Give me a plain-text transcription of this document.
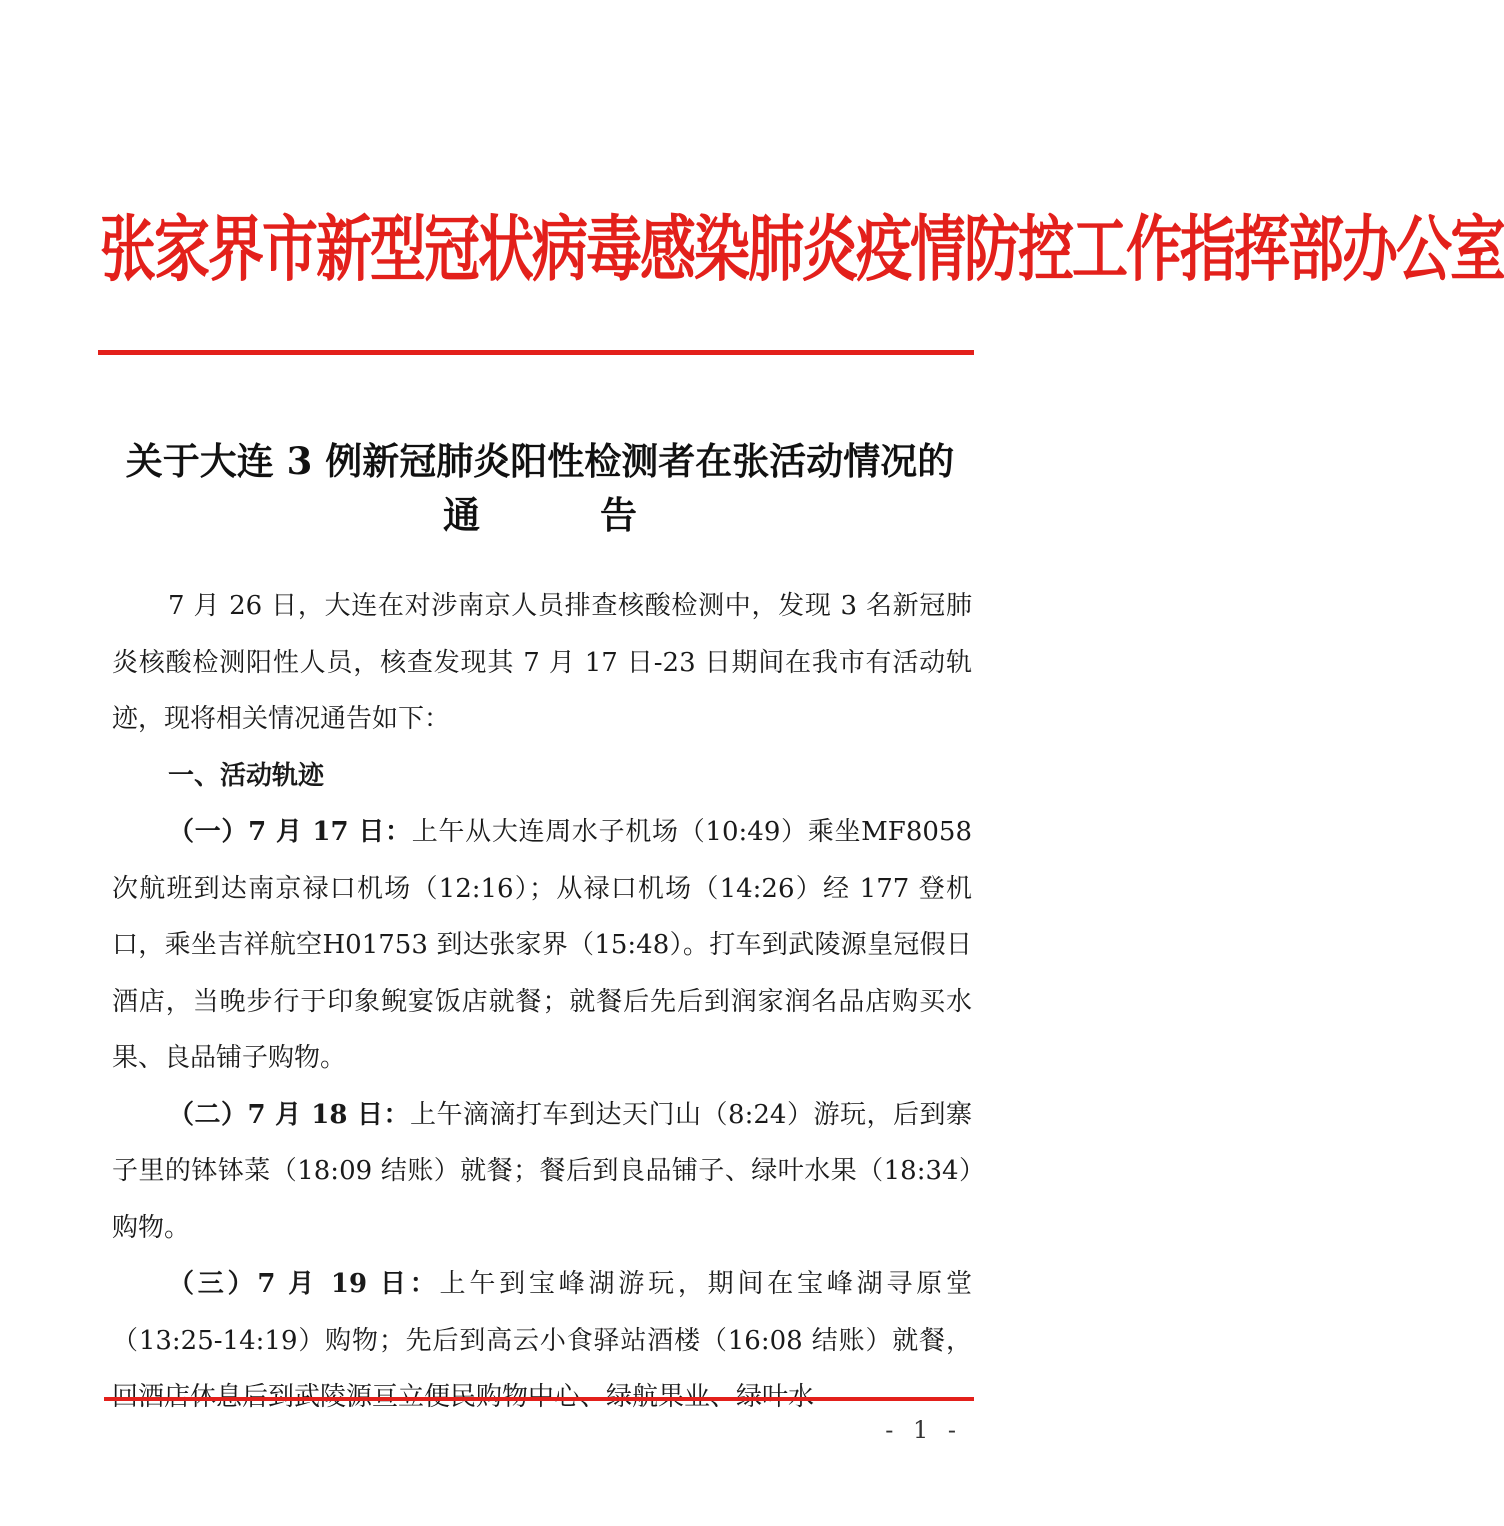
张家界市新型冠状病毒感染肺炎疫情防控工作指挥部办公室
关于大连 3 例新冠肺炎阳性检测者在张活动情况的
通	告

7 月 26 日，大连在对涉南京人员排查核酸检测中，发现 3 名新冠肺炎核酸检测阳性人员，核查发现其 7 月 17 日-23 日期间在我市有活动轨迹，现将相关情况通告如下：

一、活动轨迹

（一）7 月 17 日：上午从大连周水子机场（10:49）乘坐MF8058 次航班到达南京禄口机场（12:16）；从禄口机场（14:26）经 177 登机口，乘坐吉祥航空H01753 到达张家界（15:48）。打车到武陵源皇冠假日酒店，当晚步行于印象鲵宴饭店就餐；就餐后先后到润家润名品店购买水果、良品铺子购物。

（二）7 月 18 日：上午滴滴打车到达天门山（8:24）游玩，后到寨子里的钵钵菜（18:09 结账）就餐；餐后到良品铺子、绿叶水果（18:34）购物。

（三）7 月 19 日：上午到宝峰湖游玩，期间在宝峰湖寻原堂（13:25-14:19）购物；先后到高云小食驿站酒楼（16:08 结账）就餐，

- 1 -
